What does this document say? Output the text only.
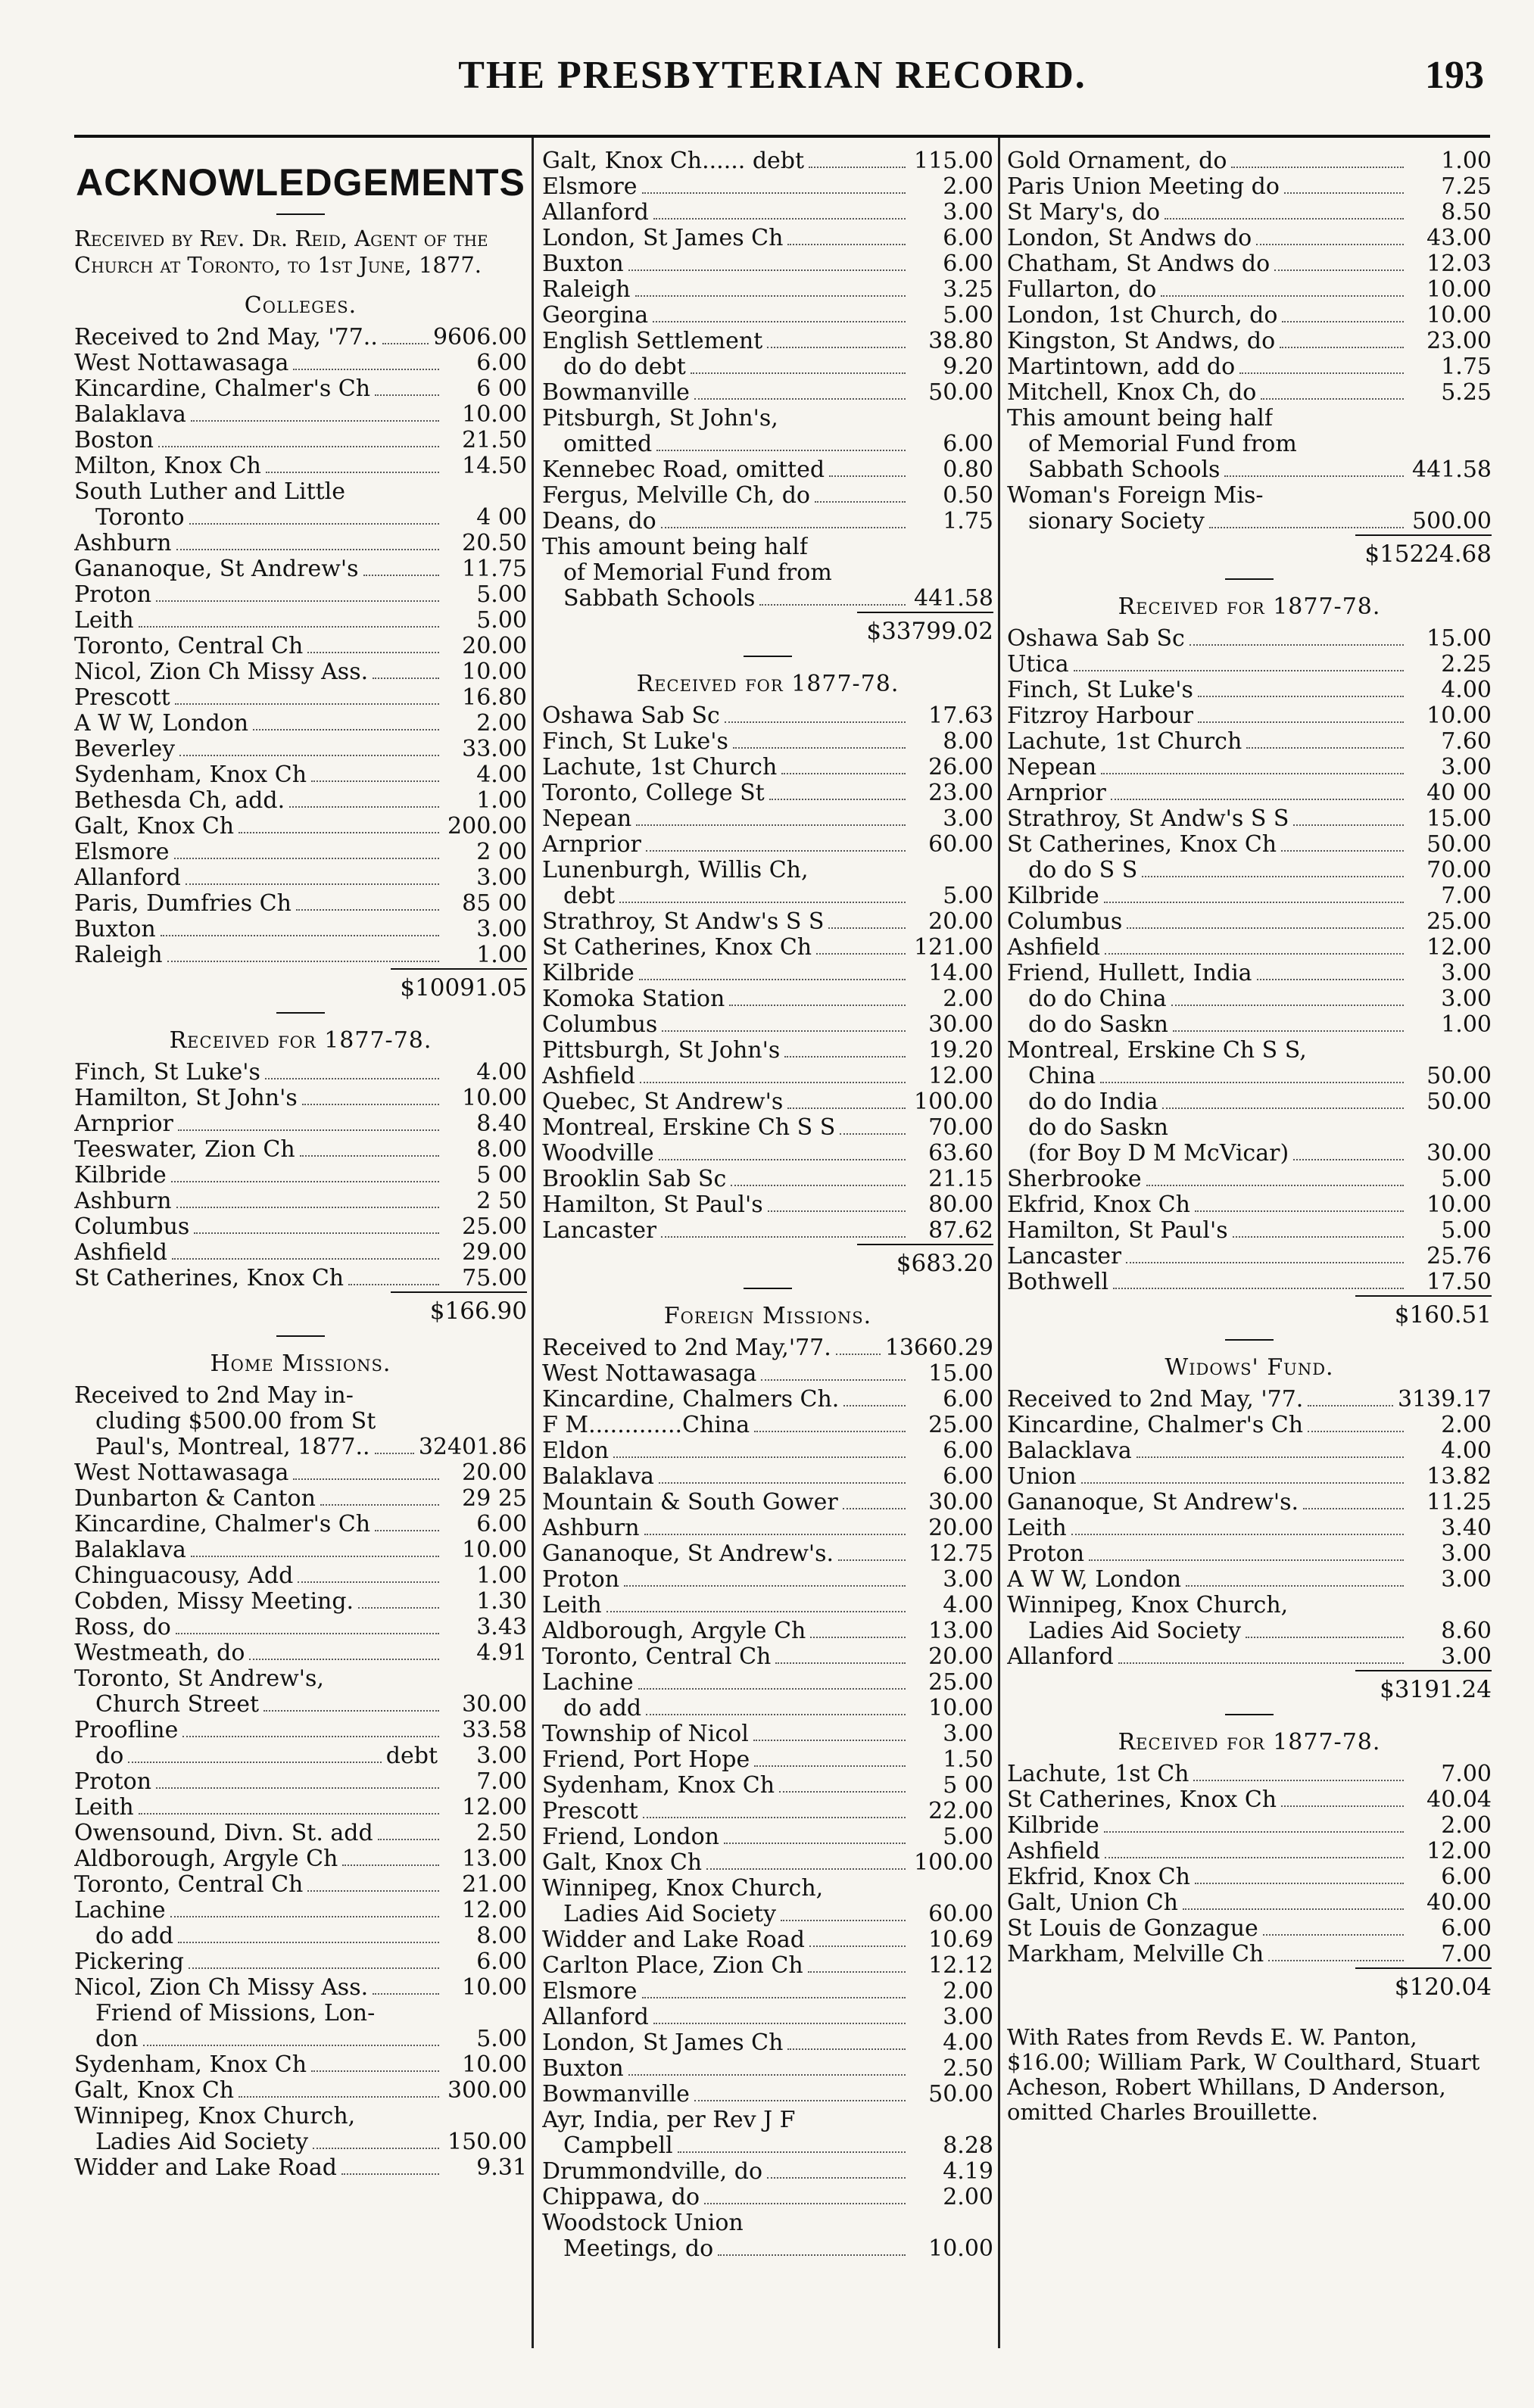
THE PRESBYTERIAN RECORD.	193
ACKNOWLEDGEMENTS
Received by Rev. Dr. Reid, Agent of the Church at Toronto, to 1st June, 1877.
Colleges.
Received to 2nd May, '77.. 9606.00
West Nottawasaga	6.00
Kincardine, Chalmer's Ch	6 00
Balaklava	10.00
Boston	21.50
Milton, Knox Ch	14.50
South Luther and Little
Toronto	4 00
Ashburn	20.50
Gananoque, St Andrew's	11.75
Proton	5.00
Leith	5.00
Toronto, Central Ch	20.00
Nicol, Zion Ch Missy Ass.	10.00
Prescott	16.80
A W W, London	2.00
Beverley	33.00
Sydenham, Knox Ch	4.00
Bethesda Ch, add.	1.00
Galt, Knox Ch	200.00
Elsmore	2 00
Allanford	3.00
Paris, Dumfries Ch	85 00
Buxton	3.00
Raleigh	1.00
$10091.05
Received for 1877-78.
Finch, St Luke's	4.00
Hamilton, St John's	10.00
Arnprior	8.40
Teeswater, Zion Ch	8.00
Kilbride	5 00
Ashburn	2 50
Columbus	25.00
Ashfield	29.00
St Catherines, Knox Ch	75.00
$166.90
Home Missions.
Received to 2nd May in-
cluding $500.00 from St
Paul's, Montreal, 1877.. 32401.86
West Nottawasaga	20.00
Dunbarton & Canton	29 25
Kincardine, Chalmer's Ch	6.00
Balaklava	10.00
Chinguacousy, Add	1.00
Cobden, Missy Meeting.	1.30
Ross, do	3.43
Westmeath, do	4.91
Toronto, St Andrew's,
Church Street	30.00
Proofline	33.58
do	debt	3.00
Proton	7.00
Leith	12.00
Owensound, Divn. St. add	2.50
Aldborough, Argyle Ch	13.00
Toronto, Central Ch	21.00
Lachine	12.00
do add	8.00
Pickering	6.00
Nicol, Zion Ch Missy Ass.	10.00
Friend of Missions, Lon-
don	5.00
Sydenham, Knox Ch	10.00
Galt, Knox Ch	300.00
Winnipeg, Knox Church,
Ladies Aid Society	150.00
Widder and Lake Road	9.31
Galt, Knox Ch...... debt	115.00
Elsmore	2.00
Allanford	3.00
London, St James Ch	6.00
Buxton	6.00
Raleigh	3.25
Georgina	5.00
English Settlement	38.80
do do debt	9.20
Bowmanville	50.00
Pitsburgh, St John's,
omitted	6.00
Kennebec Road, omitted	0.80
Fergus, Melville Ch, do	0.50
Deans, do	1.75
This amount being half
of Memorial Fund from
Sabbath Schools	441.58
$33799.02
Received for 1877-78.
Oshawa Sab Sc	17.63
Finch, St Luke's	8.00
Lachute, 1st Church	26.00
Toronto, College St	23.00
Nepean	3.00
Arnprior	60.00
Lunenburgh, Willis Ch,
debt	5.00
Strathroy, St Andw's S S	20.00
St Catherines, Knox Ch	121.00
Kilbride	14.00
Komoka Station	2.00
Columbus	30.00
Pittsburgh, St John's	19.20
Ashfield	12.00
Quebec, St Andrew's	100.00
Montreal, Erskine Ch S S	70.00
Woodville	63.60
Brooklin Sab Sc	21.15
Hamilton, St Paul's	80.00
Lancaster	87.62
$683.20
Foreign Missions.
Received to 2nd May,'77. 13660.29
West Nottawasaga	15.00
Kincardine, Chalmers Ch.	6.00
F M.............China	25.00
Eldon	6.00
Balaklava	6.00
Mountain & South Gower	30.00
Ashburn	20.00
Gananoque, St Andrew's.	12.75
Proton	3.00
Leith	4.00
Aldborough, Argyle Ch	13.00
Toronto, Central Ch	20.00
Lachine	25.00
do add	10.00
Township of Nicol	3.00
Friend, Port Hope	1.50
Sydenham, Knox Ch	5 00
Prescott	22.00
Friend, London	5.00
Galt, Knox Ch	100.00
Winnipeg, Knox Church,
Ladies Aid Society	60.00
Widder and Lake Road	10.69
Carlton Place, Zion Ch	12.12
Elsmore	2.00
Allanford	3.00
London, St James Ch	4.00
Buxton	2.50
Bowmanville	50.00
Ayr, India, per Rev J F
Campbell	8.28
Drummondville, do	4.19
Chippawa, do	2.00
Woodstock Union
Meetings, do	10.00
Gold Ornament, do	1.00
Paris Union Meeting do	7.25
St Mary's, do	8.50
London, St Andws do	43.00
Chatham, St Andws do	12.03
Fullarton, do	10.00
London, 1st Church, do	10.00
Kingston, St Andws, do	23.00
Martintown, add do	1.75
Mitchell, Knox Ch, do	5.25
This amount being half
of Memorial Fund from
Sabbath Schools	441.58
Woman's Foreign Mis-
sionary Society	500.00
$15224.68
Received for 1877-78.
Oshawa Sab Sc	15.00
Utica	2.25
Finch, St Luke's	4.00
Fitzroy Harbour	10.00
Lachute, 1st Church	7.60
Nepean	3.00
Arnprior	40 00
Strathroy, St Andw's S S	15.00
St Catherines, Knox Ch	50.00
do do S S	70.00
Kilbride	7.00
Columbus	25.00
Ashfield	12.00
Friend, Hullett, India	3.00
do do China	3.00
do do Saskn	1.00
Montreal, Erskine Ch S S,
China	50.00
do do India	50.00
do do Saskn
(for Boy D M McVicar)	30.00
Sherbrooke	5.00
Ekfrid, Knox Ch	10.00
Hamilton, St Paul's	5.00
Lancaster	25.76
Bothwell	17.50
$160.51
Widows' Fund.
Received to 2nd May, '77.	3139.17
Kincardine, Chalmer's Ch	2.00
Balacklava	4.00
Union	13.82
Gananoque, St Andrew's.	11.25
Leith	3.40
Proton	3.00
A W W, London	3.00
Winnipeg, Knox Church,
Ladies Aid Society	8.60
Allanford	3.00
$3191.24
Received for 1877-78.
Lachute, 1st Ch	7.00
St Catherines, Knox Ch	40.04
Kilbride	2.00
Ashfield	12.00
Ekfrid, Knox Ch	6.00
Galt, Union Ch	40.00
St Louis de Gonzague	6.00
Markham, Melville Ch	7.00
$120.04
With Rates from Revds E. W. Panton, $16.00; William Park, W Coulthard, Stuart Acheson, Robert Whillans, D Anderson, omitted Charles Brouillette.
